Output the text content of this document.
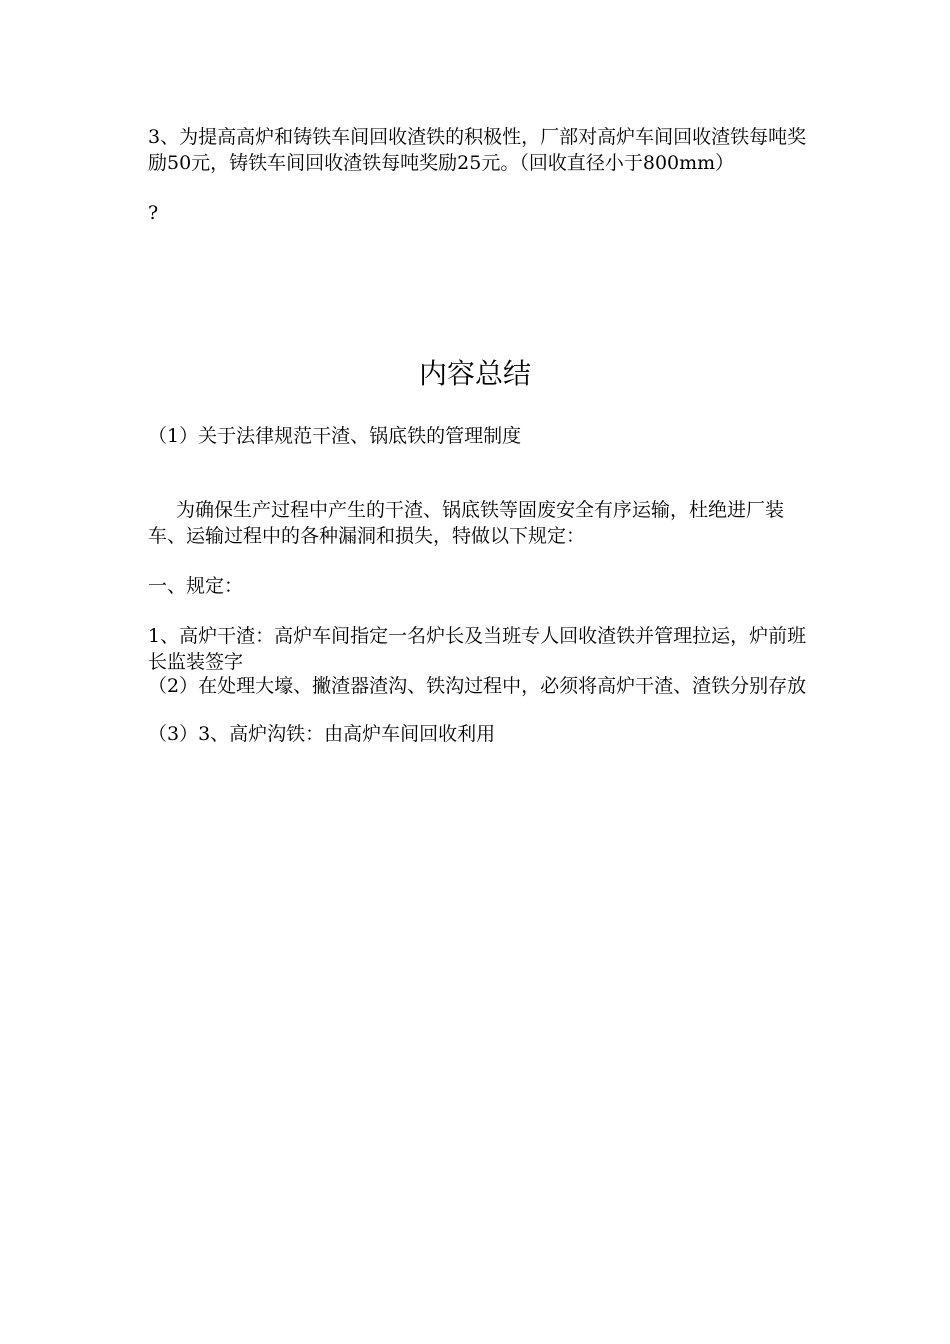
3、为提高高炉和铸铁车间回收渣铁的积极性，厂部对高炉车间回收渣铁每吨奖励50元，铸铁车间回收渣铁每吨奖励25元。（回收直径小于800mm）

?

内容总结

（1）关于法律规范干渣、锅底铁的管理制度

为确保生产过程中产生的干渣、锅底铁等固废安全有序运输，杜绝进厂装车、运输过程中的各种漏洞和损失，特做以下规定：

一、规定：

1、高炉干渣：高炉车间指定一名炉长及当班专人回收渣铁并管理拉运，炉前班长监装签字

（2）在处理大壕、撇渣器渣沟、铁沟过程中，必须将高炉干渣、渣铁分别存放

（3）3、高炉沟铁：由高炉车间回收利用
